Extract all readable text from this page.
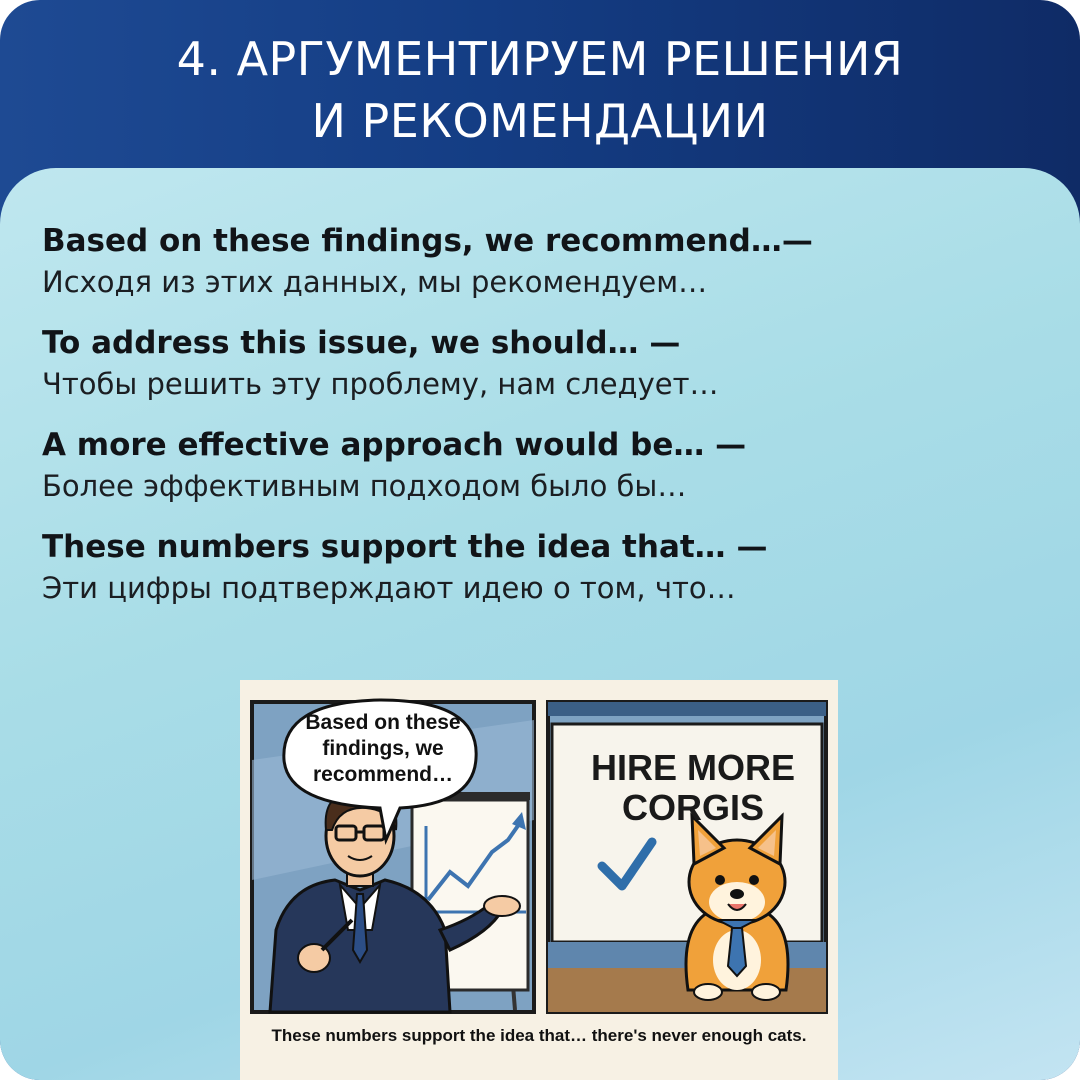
4. АРГУМЕНТИРУЕМ РЕШЕНИЯ
И РЕКОМЕНДАЦИИ
Based on these findings, we recommend…—
Исходя из этих данных, мы рекомендуем…
To address this issue, we should… —
Чтобы решить эту проблему, нам следует…
A more effective approach would be… —
Более эффективным подходом было бы…
These numbers support the idea that… —
Эти цифры подтверждают идею о том, что…
Based on these
findings, we
recommend…	HIRE MORE
CORGIS
These numbers support the idea that… there's never enough cats.
